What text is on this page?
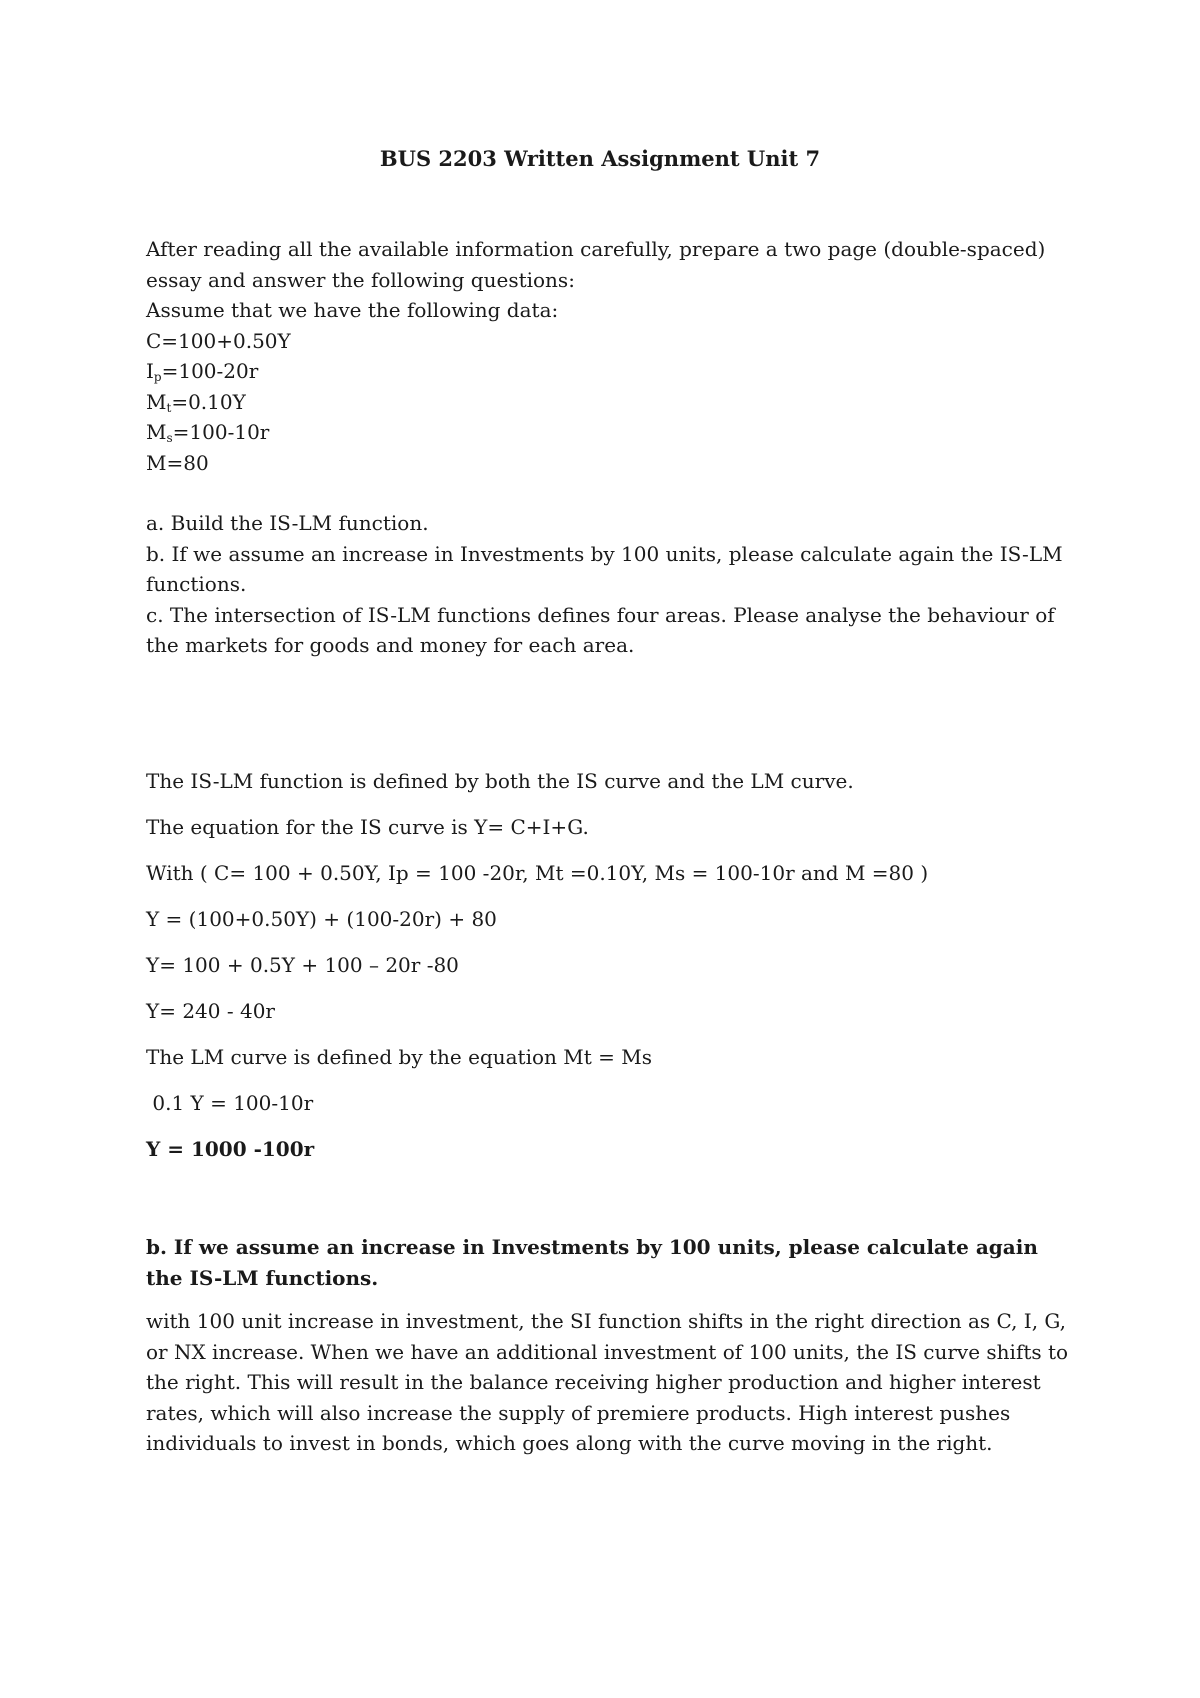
BUS 2203 Written Assignment Unit 7
After reading all the available information carefully, prepare a two page (double-spaced)
essay and answer the following questions:
Assume that we have the following data:
C=100+0.50Y
$I_p=100-20r$
$M_t=0.10Y$
$M_s=100-10r$
M=80
a. Build the IS-LM function.
b. If we assume an increase in Investments by 100 units, please calculate again the IS-LM functions.
c. The intersection of IS-LM functions defines four areas. Please analyse the behaviour of the markets for goods and money for each area.
The IS-LM function is defined by both the IS curve and the LM curve.
The equation for the IS curve is Y= C+I+G.
With ( C= 100 + 0.50Y, Ip = 100 -20r, Mt =0.10Y, Ms = 100-10r and M =80 )
Y = (100+0.50Y) + (100-20r) + 80
Y= 100 + 0.5Y + 100 – 20r -80
Y= 240 - 40r
The LM curve is defined by the equation Mt = Ms
0.1 Y = 100-10r
Y = 1000 -100r
b. If we assume an increase in Investments by 100 units, please calculate again the IS-LM functions.
with 100 unit increase in investment, the SI function shifts in the right direction as C, I, G, or NX increase. When we have an additional investment of 100 units, the IS curve shifts to the right. This will result in the balance receiving higher production and higher interest rates, which will also increase the supply of premiere products. High interest pushes individuals to invest in bonds, which goes along with the curve moving in the right.
